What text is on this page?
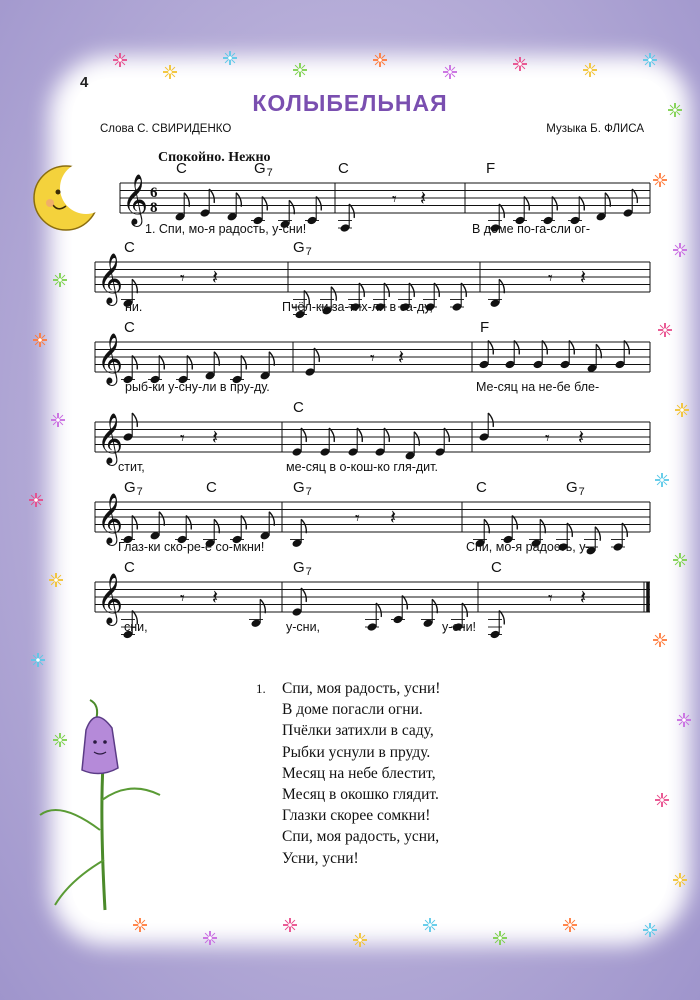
𝄞 6
8
C	$G_7$	C	F
𝄾 𝄽
𝄞
C	$G_7$
𝄾 𝄽	𝄾 𝄽
𝄞
C	F
𝄾 𝄽
𝄞
C
𝄾 𝄽	𝄾 𝄽
𝄞
$G_7$	C	$G_7$	C	$G_7$
𝄾 𝄽
𝄞
C	$G_7$	C
𝄾 𝄽	𝄾 𝄽
4
КОЛЫБЕЛЬНАЯ
Слова С. СВИРИДЕНКО	Музыка Б. ФЛИСА
Спокойно. Нежно
1. Спи, мо-я радость, у-сни!	В доме по-га-сли ог-
ни.	Пчёл-ки за-тих-ли в са-ду,
рыб-ки у-сну-ли в пру-ду.	Ме-сяц на не-бе бле-
стит,	ме-сяц в о-кош-ко гля-дит.
Глаз-ки ско-ре-е со-мкни!	Спи, мо-я радость, у-
сни,	у-сни,	у-сни!
1. Спи, моя радость, усни!
В доме погасли огни.
Пчёлки затихли в саду,
Рыбки уснули в пруду.
Месяц на небе блестит,
Месяц в окошко глядит.
Глазки скорее сомкни!
Спи, моя радость, усни,
Усни, усни!
